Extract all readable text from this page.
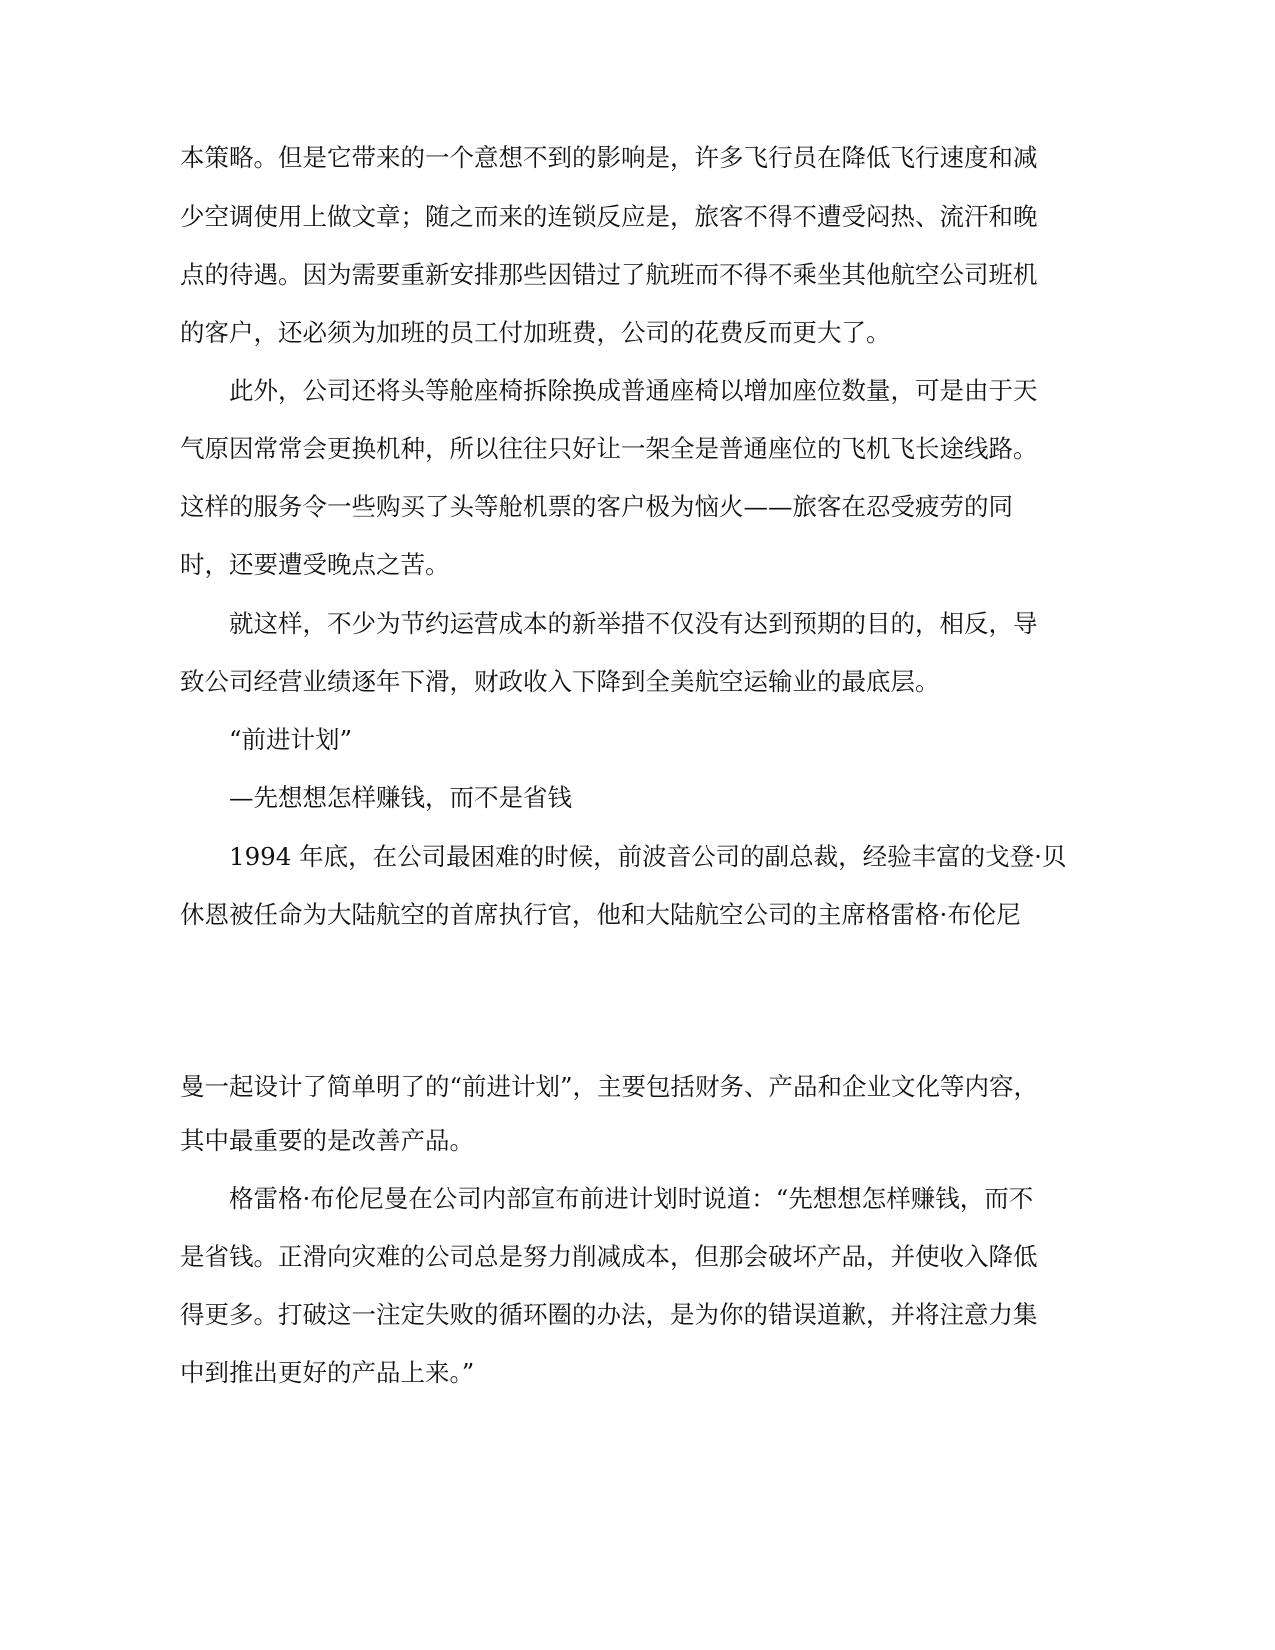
本策略。但是它带来的一个意想不到的影响是，许多飞行员在降低飞行速度和减
少空调使用上做文章；随之而来的连锁反应是，旅客不得不遭受闷热、流汗和晚
点的待遇。因为需要重新安排那些因错过了航班而不得不乘坐其他航空公司班机
的客户，还必须为加班的员工付加班费，公司的花费反而更大了。
此外，公司还将头等舱座椅拆除换成普通座椅以增加座位数量，可是由于天
气原因常常会更换机种，所以往往只好让一架全是普通座位的飞机飞长途线路。
这样的服务令一些购买了头等舱机票的客户极为恼火——旅客在忍受疲劳的同
时，还要遭受晚点之苦。
就这样，不少为节约运营成本的新举措不仅没有达到预期的目的，相反，导
致公司经营业绩逐年下滑，财政收入下降到全美航空运输业的最底层。
“前进计划”
—先想想怎样赚钱，而不是省钱
1994 年底，在公司最困难的时候，前波音公司的副总裁，经验丰富的戈登·贝
休恩被任命为大陆航空的首席执行官，他和大陆航空公司的主席格雷格·布伦尼
曼一起设计了简单明了的“前进计划”，主要包括财务、产品和企业文化等内容，
其中最重要的是改善产品。
格雷格·布伦尼曼在公司内部宣布前进计划时说道：“先想想怎样赚钱，而不
是省钱。正滑向灾难的公司总是努力削减成本，但那会破坏产品，并使收入降低
得更多。打破这一注定失败的循环圈的办法，是为你的错误道歉，并将注意力集
中到推出更好的产品上来。”
